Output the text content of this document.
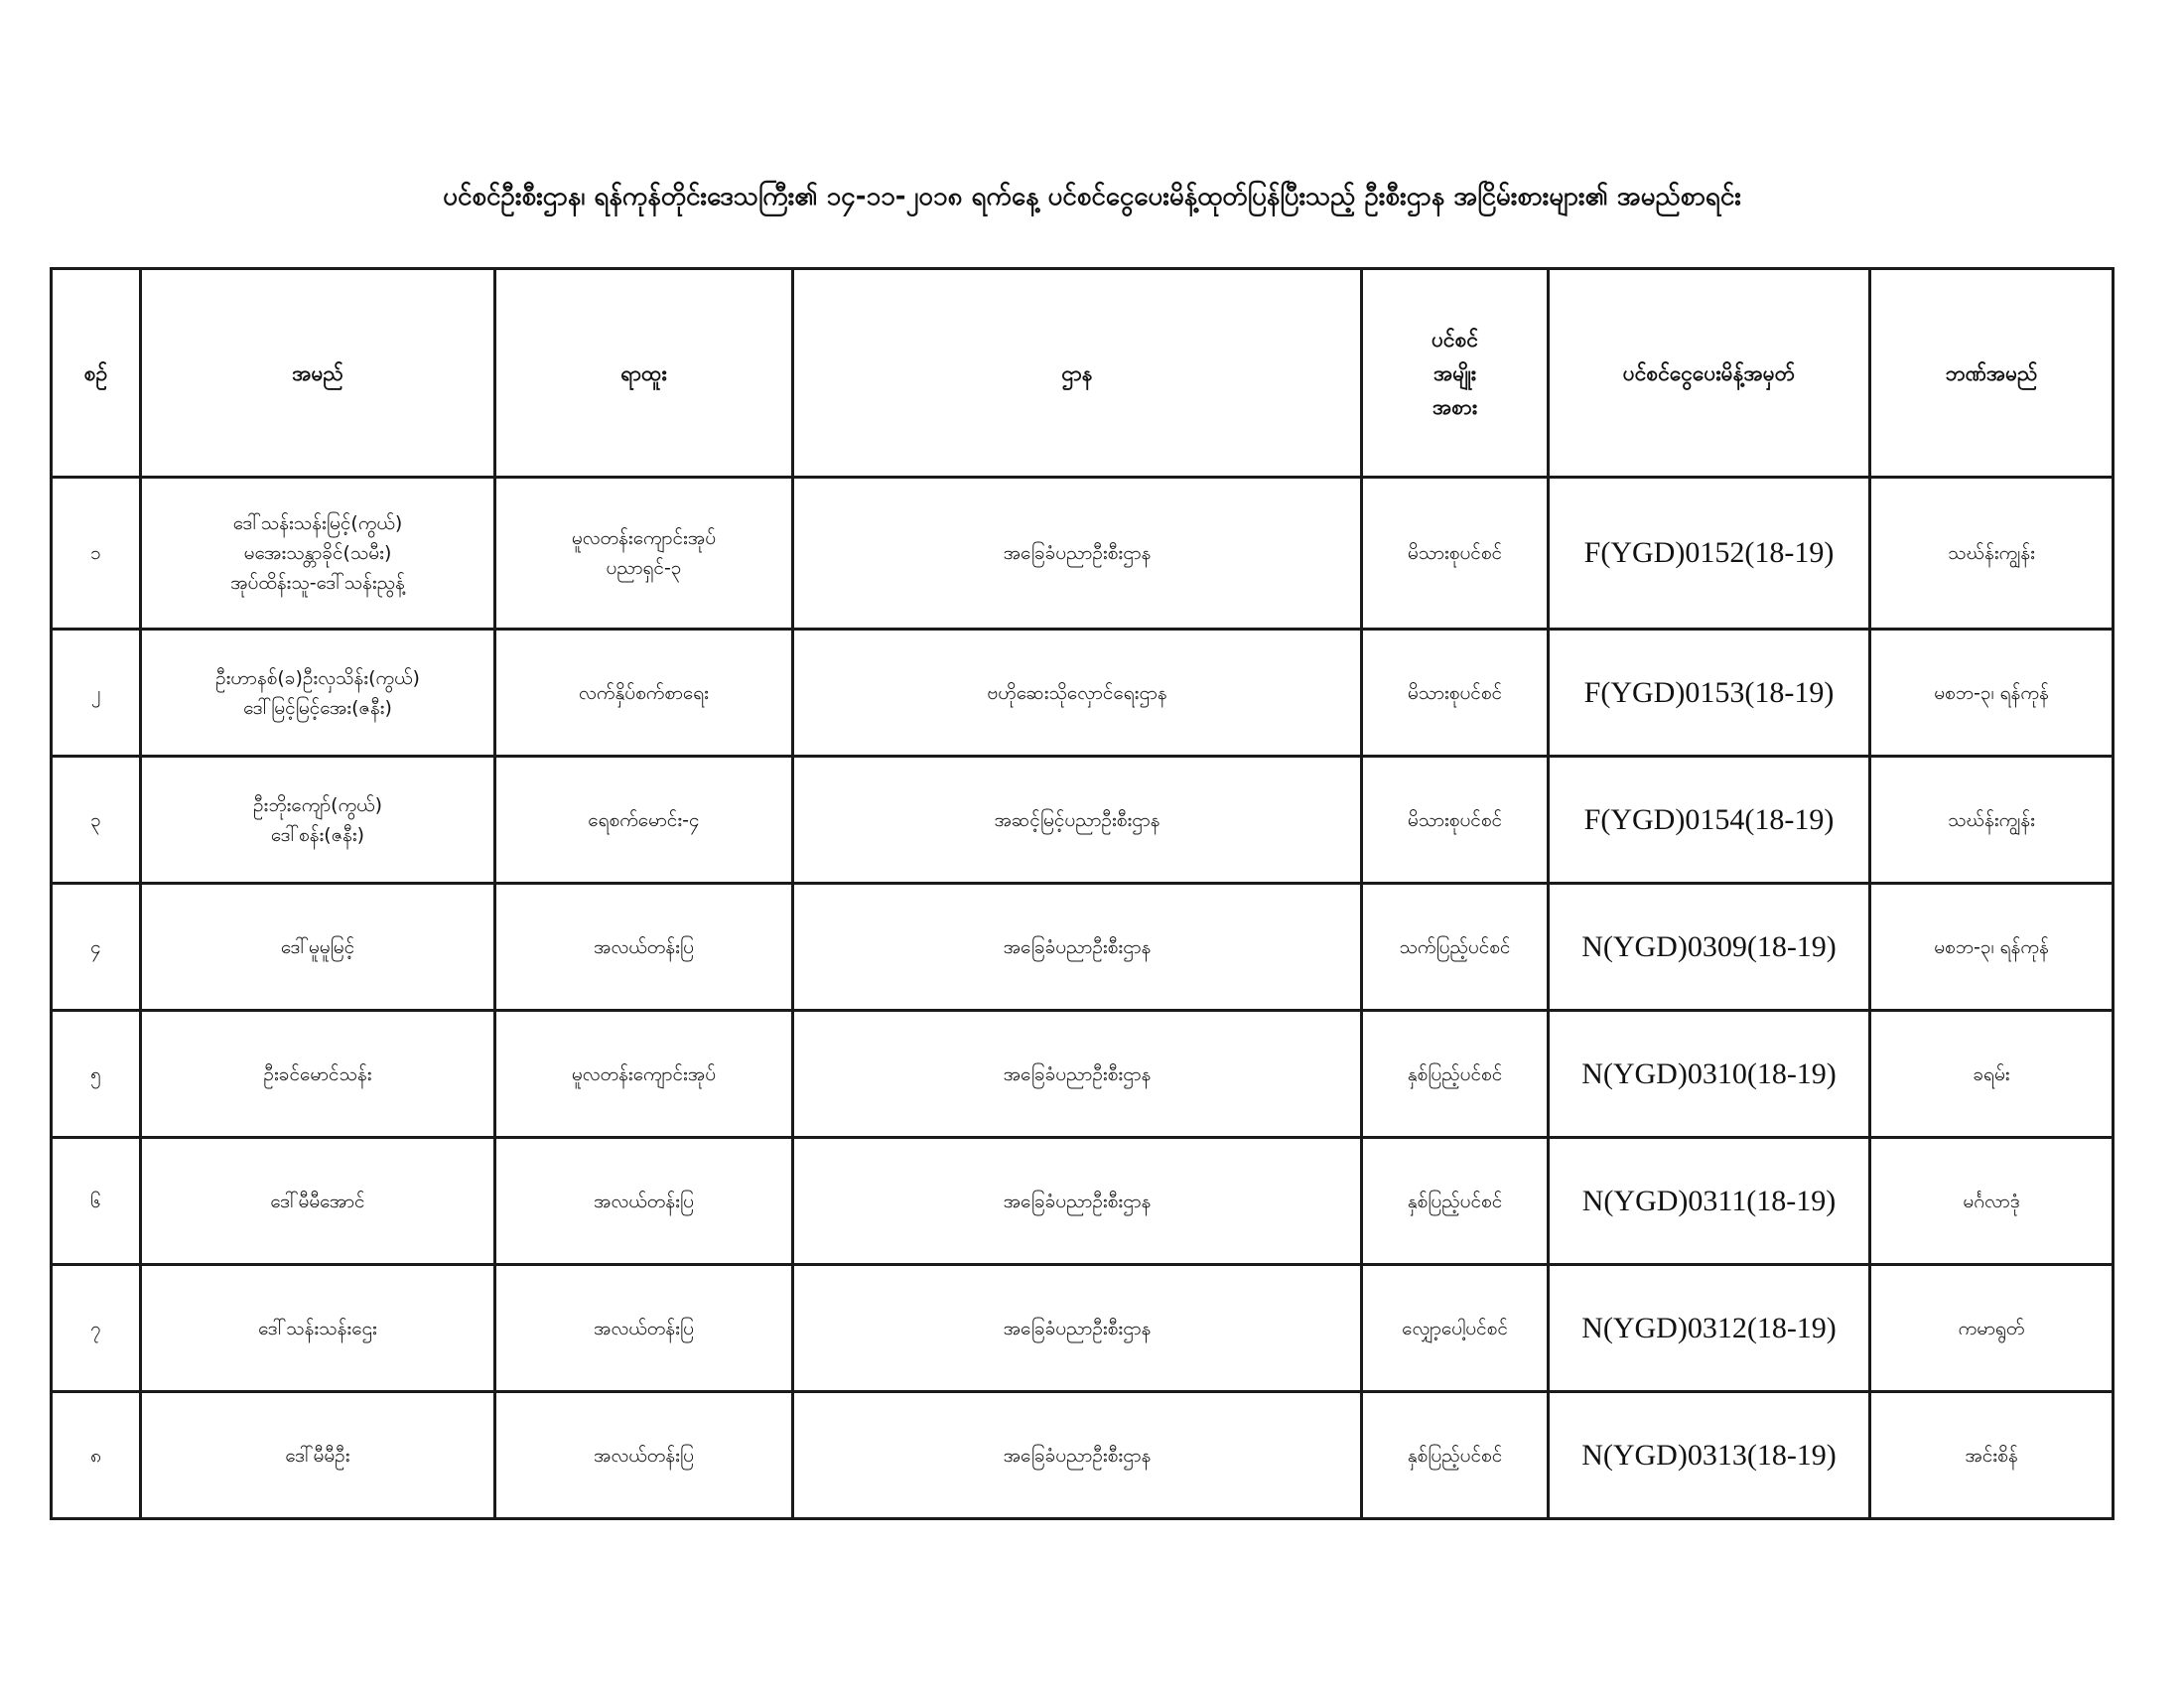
ပင်စင်ဦးစီးဌာန၊ ရန်ကုန်တိုင်းဒေသကြီး၏ ၁၄-၁၁-၂၀၁၈ ရက်နေ့ ပင်စင်ငွေပေးမိန့်ထုတ်ပြန်ပြီးသည့် ဦးစီးဌာန အငြိမ်းစားများ၏ အမည်စာရင်း
စဉ်	အမည်	ရာထူး	ဌာန	ပင်စင်
အမျိုး
အစား	ပင်စင်ငွေပေးမိန့်အမှတ်	ဘဏ်အမည်
၁	ဒေါ်သန်းသန်းမြင့်(ကွယ်)
မအေးသန္တာခိုင်(သမီး)
အုပ်ထိန်းသူ-ဒေါ်သန်းညွန့်	မူလတန်းကျောင်းအုပ်
ပညာရှင်-၃	အခြေခံပညာဦးစီးဌာန	မိသားစုပင်စင်	F(YGD)0152(18-19)	သဃ်န်းကျွန်း
၂	ဦးဟာနစ်(ခ)ဦးလှသိန်း(ကွယ်)
ဒေါ်မြင့်မြင့်အေး(ဇနီး)	လက်နှိပ်စက်စာရေး	ဗဟိုဆေးသိုလှောင်ရေးဌာန	မိသားစုပင်စင်	F(YGD)0153(18-19)	မစဘ-၃၊ ရန်ကုန်
၃	ဦးဘိုးကျော်(ကွယ်)
ဒေါ်စန်း(ဇနီး)	ရေစက်မောင်း-၄	အဆင့်မြင့်ပညာဦးစီးဌာန	မိသားစုပင်စင်	F(YGD)0154(18-19)	သဃ်န်းကျွန်း
၄	ဒေါ်မူမူမြင့်	အလယ်တန်းပြ	အခြေခံပညာဦးစီးဌာန	သက်ပြည့်ပင်စင်	N(YGD)0309(18-19)	မစဘ-၃၊ ရန်ကုန်
၅	ဦးခင်မောင်သန်း	မူလတန်းကျောင်းအုပ်	အခြေခံပညာဦးစီးဌာန	နှစ်ပြည့်ပင်စင်	N(YGD)0310(18-19)	ခရမ်း
၆	ဒေါ်မီမီအောင်	အလယ်တန်းပြ	အခြေခံပညာဦးစီးဌာန	နှစ်ပြည့်ပင်စင်	N(YGD)0311(18-19)	မင်္ဂလာဒုံ
၇	ဒေါ်သန်းသန်းဌေး	အလယ်တန်းပြ	အခြေခံပညာဦးစီးဌာန	လျှော့ပေါ့ပင်စင်	N(YGD)0312(18-19)	ကမာရွတ်
၈	ဒေါ်မီမီဦး	အလယ်တန်းပြ	အခြေခံပညာဦးစီးဌာန	နှစ်ပြည့်ပင်စင်	N(YGD)0313(18-19)	အင်းစိန်
